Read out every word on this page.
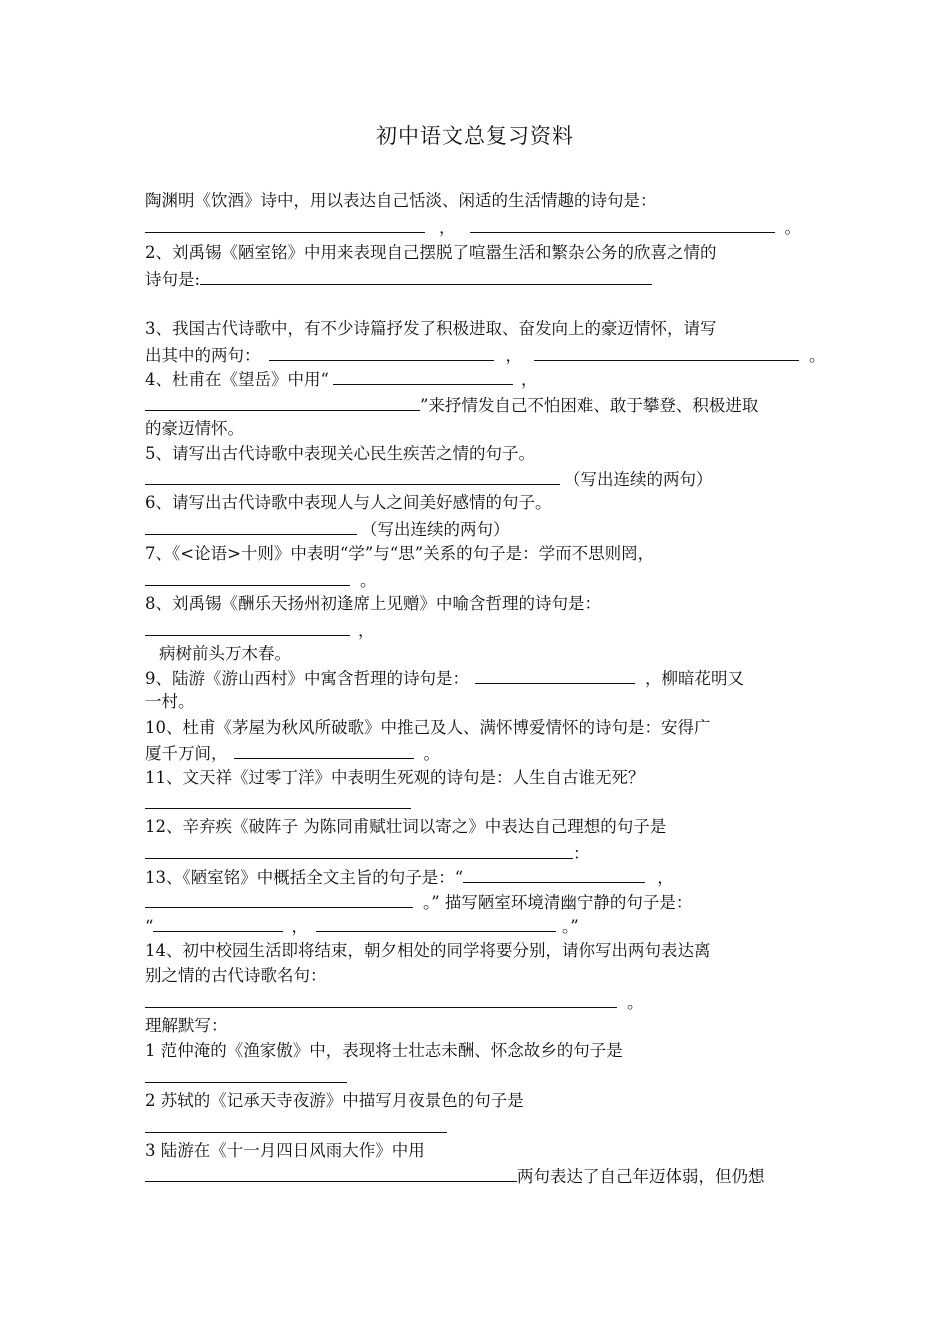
初中语文总复习资料
陶渊明《饮酒》诗中，用以表达自己恬淡、闲适的生活情趣的诗句是：
，	。
2、刘禹锡《陋室铭》中用来表现自己摆脱了喧嚣生活和繁杂公务的欣喜之情的
诗句是:
3、我国古代诗歌中，有不少诗篇抒发了积极进取、奋发向上的豪迈情怀，请写
出其中的两句：	，	。
4、杜甫在《望岳》中用“	，
”来抒情发自己不怕困难、敢于攀登、积极进取
的豪迈情怀。
5、请写出古代诗歌中表现关心民生疾苦之情的句子。
（写出连续的两句）
6、请写出古代诗歌中表现人与人之间美好感情的句子。
（写出连续的两句）
7、《<论语>十则》中表明“学”与“思”关系的句子是：学而不思则罔，
。
8、刘禹锡《酬乐天扬州初逢席上见赠》中喻含哲理的诗句是：
，
病树前头万木春。
9、陆游《游山西村》中寓含哲理的诗句是：	，柳暗花明又
一村。
10、杜甫《茅屋为秋风所破歌》中推己及人、满怀博爱情怀的诗句是：安得广
厦千万间，	。
11、文天祥《过零丁洋》中表明生死观的诗句是：人生自古谁无死？
12、辛弃疾《破阵子 为陈同甫赋壮词以寄之》中表达自己理想的句子是
：
13、《陋室铭》中概括全文主旨的句子是：“	，
。” 描写陋室环境清幽宁静的句子是：
“	，	。”
14、初中校园生活即将结束，朝夕相处的同学将要分别，请你写出两句表达离
别之情的古代诗歌名句：
。
理解默写：
1 范仲淹的《渔家傲》中，表现将士壮志未酬、怀念故乡的句子是
2 苏轼的《记承天寺夜游》中描写月夜景色的句子是
3 陆游在《十一月四日风雨大作》中用
两句表达了自己年迈体弱，但仍想
